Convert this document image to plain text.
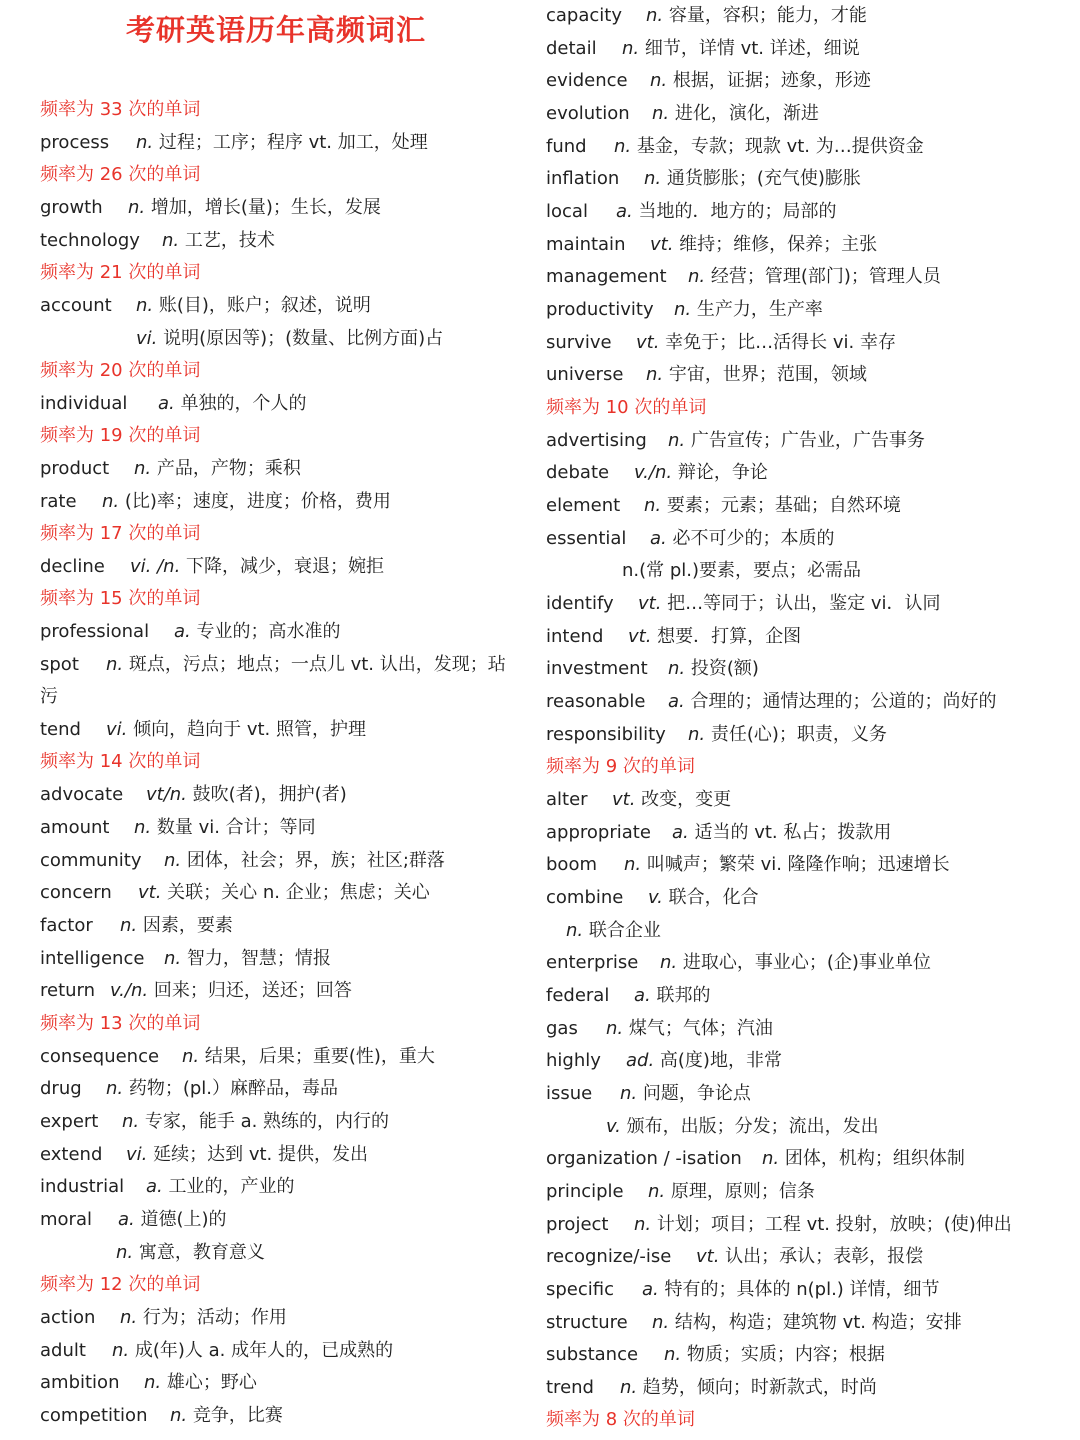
考研英语历年高频词汇
频率为 33 次的单词
process n. 过程；工序；程序 vt. 加工，处理
频率为 26 次的单词
growth n. 增加，增长(量)；生长，发展
technology n. 工艺，技术
频率为 21 次的单词
account n. 账(目)，账户；叙述，说明
vi. 说明(原因等)；(数量、比例方面)占
频率为 20 次的单词
individual a. 单独的，个人的
频率为 19 次的单词
product n. 产品，产物；乘积
rate n. (比)率；速度，进度；价格，费用
频率为 17 次的单词
decline vi. /n. 下降，减少，衰退；婉拒
频率为 15 次的单词
professional a. 专业的；高水准的
spot n. 斑点，污点；地点；一点儿 vt. 认出，发现；玷
污
tend vi. 倾向，趋向于 vt. 照管，护理
频率为 14 次的单词
advocate vt/n. 鼓吹(者)，拥护(者)
amount n. 数量 vi. 合计；等同
community n. 团体，社会；界，族；社区;群落
concern vt. 关联；关心 n. 企业；焦虑；关心
factor n. 因素，要素
intelligence n. 智力，智慧；情报
return v./n. 回来；归还，送还；回答
频率为 13 次的单词
consequence n. 结果，后果；重要(性)，重大
drug n. 药物；(pl.）麻醉品，毒品
expert n. 专家，能手 a. 熟练的，内行的
extend vi. 延续；达到 vt. 提供，发出
industrial a. 工业的，产业的
moral a. 道德(上)的
n. 寓意，教育意义
频率为 12 次的单词
action n. 行为；活动；作用
adult n. 成(年)人 a. 成年人的，已成熟的
ambition n. 雄心；野心
competition n. 竞争，比赛
capacity n. 容量，容积；能力，才能
detail n. 细节，详情 vt. 详述，细说
evidence n. 根据，证据；迹象，形迹
evolution n. 进化，演化，渐进
fund n. 基金，专款；现款 vt. 为…提供资金
inflation n. 通货膨胀；(充气使)膨胀
local a. 当地的．地方的；局部的
maintain vt. 维持；维修，保养；主张
management n. 经营；管理(部门)；管理人员
productivity n. 生产力，生产率
survive vt. 幸免于；比…活得长 vi. 幸存
universe n. 宇宙，世界；范围，领域
频率为 10 次的单词
advertising n. 广告宣传；广告业，广告事务
debate v./n. 辩论，争论
element n. 要素；元素；基础；自然环境
essential a. 必不可少的；本质的
n.(常 pl.)要素，要点；必需品
identify vt. 把…等同于；认出，鉴定 vi．认同
intend vt. 想要．打算，企图
investment n. 投资(额)
reasonable a. 合理的；通情达理的；公道的；尚好的
responsibility n. 责任(心)；职责，义务
频率为 9 次的单词
alter vt. 改变，变更
appropriate a. 适当的 vt. 私占；拨款用
boom n. 叫喊声；繁荣 vi. 隆隆作响；迅速增长
combine v. 联合，化合
n. 联合企业
enterprise n. 进取心，事业心；(企)事业单位
federal a. 联邦的
gas n. 煤气；气体；汽油
highly ad. 高(度)地，非常
issue n. 问题，争论点
v. 颁布，出版；分发；流出，发出
organization / -isation n. 团体，机构；组织体制
principle n. 原理，原则；信条
project n. 计划；项目；工程 vt. 投射，放映；(使)伸出
recognize/-ise vt. 认出；承认；表彰，报偿
specific a. 特有的；具体的 n(pl.) 详情，细节
structure n. 结构，构造；建筑物 vt. 构造；安排
substance n. 物质；实质；内容；根据
trend n. 趋势，倾向；时新款式，时尚
频率为 8 次的单词
